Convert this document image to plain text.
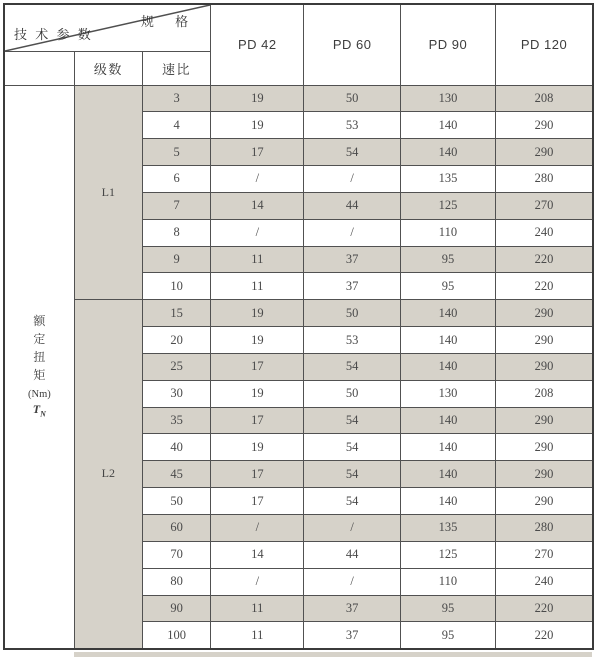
规 格
技 术 参 数			PD 42	PD 60	PD 90	PD 120
	级数	速比				

额
定
扭
矩
(Nm)
$T_N$
	L1	3	19	50	130	208
		4	19	53	140	290
		5	17	54	140	290
		6	/	/	135	280
		7	14	44	125	270
		8	/	/	110	240
		9	11	37	95	220
		10	11	37	95	220
	L2	15	19	50	140	290
		20	19	53	140	290
		25	17	54	140	290
		30	19	50	130	208
		35	17	54	140	290
		40	19	54	140	290
		45	17	54	140	290
		50	17	54	140	290
		60	/	/	135	280
		70	14	44	125	270
		80	/	/	110	240
		90	11	37	95	220
		100	11	37	95	220
